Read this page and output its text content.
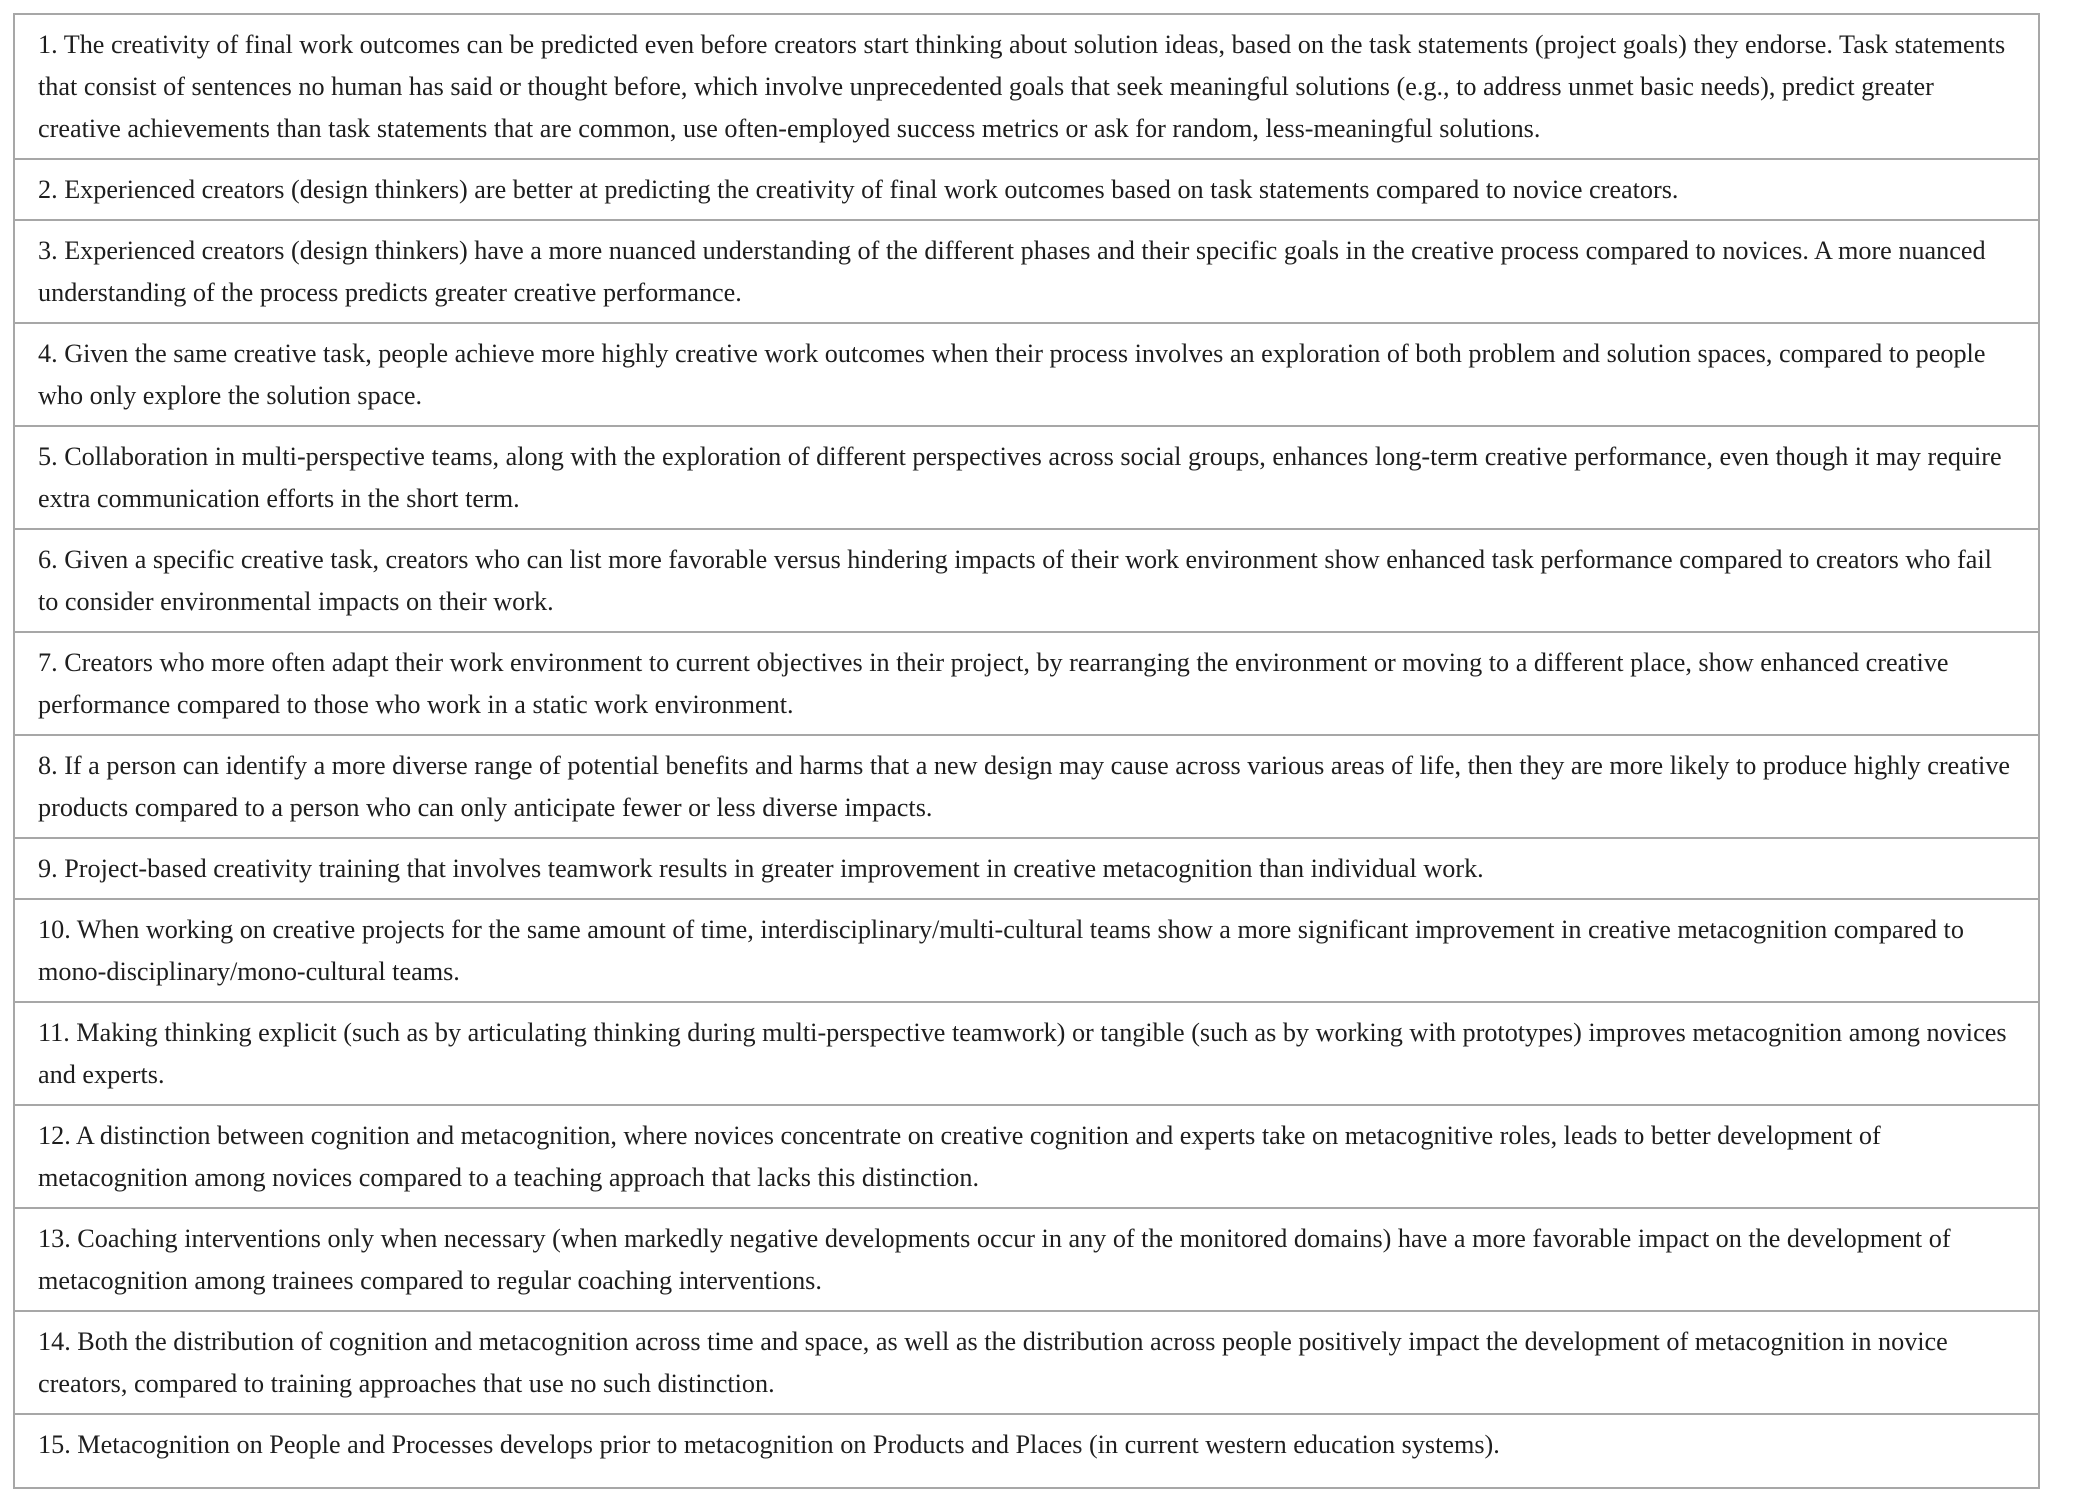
1. The creativity of final work outcomes can be predicted even before creators start thinking about solution ideas, based on the task statements (project goals) they endorse. Task statements that consist of sentences no human has said or thought before, which involve unprecedented goals that seek meaningful solutions (e.g., to address unmet basic needs), predict greater creative achievements than task statements that are common, use often-employed success metrics or ask for random, less-meaningful solutions.
2. Experienced creators (design thinkers) are better at predicting the creativity of final work outcomes based on task statements compared to novice creators.
3. Experienced creators (design thinkers) have a more nuanced understanding of the different phases and their specific goals in the creative process compared to novices. A more nuanced understanding of the process predicts greater creative performance.
4. Given the same creative task, people achieve more highly creative work outcomes when their process involves an exploration of both problem and solution spaces, compared to people who only explore the solution space.
5. Collaboration in multi-perspective teams, along with the exploration of different perspectives across social groups, enhances long-term creative performance, even though it may require extra communication efforts in the short term.
6. Given a specific creative task, creators who can list more favorable versus hindering impacts of their work environment show enhanced task performance compared to creators who fail to consider environmental impacts on their work.
7. Creators who more often adapt their work environment to current objectives in their project, by rearranging the environment or moving to a different place, show enhanced creative performance compared to those who work in a static work environment.
8. If a person can identify a more diverse range of potential benefits and harms that a new design may cause across various areas of life, then they are more likely to produce highly creative products compared to a person who can only anticipate fewer or less diverse impacts.
9. Project-based creativity training that involves teamwork results in greater improvement in creative metacognition than individual work.
10. When working on creative projects for the same amount of time, interdisciplinary/multi-cultural teams show a more significant improvement in creative metacognition compared to mono-disciplinary/mono-cultural teams.
11. Making thinking explicit (such as by articulating thinking during multi-perspective teamwork) or tangible (such as by working with prototypes) improves metacognition among novices and experts.
12. A distinction between cognition and metacognition, where novices concentrate on creative cognition and experts take on metacognitive roles, leads to better development of metacognition among novices compared to a teaching approach that lacks this distinction.
13. Coaching interventions only when necessary (when markedly negative developments occur in any of the monitored domains) have a more favorable impact on the development of metacognition among trainees compared to regular coaching interventions.
14. Both the distribution of cognition and metacognition across time and space, as well as the distribution across people positively impact the development of metacognition in novice creators, compared to training approaches that use no such distinction.
15. Metacognition on People and Processes develops prior to metacognition on Products and Places (in current western education systems).
